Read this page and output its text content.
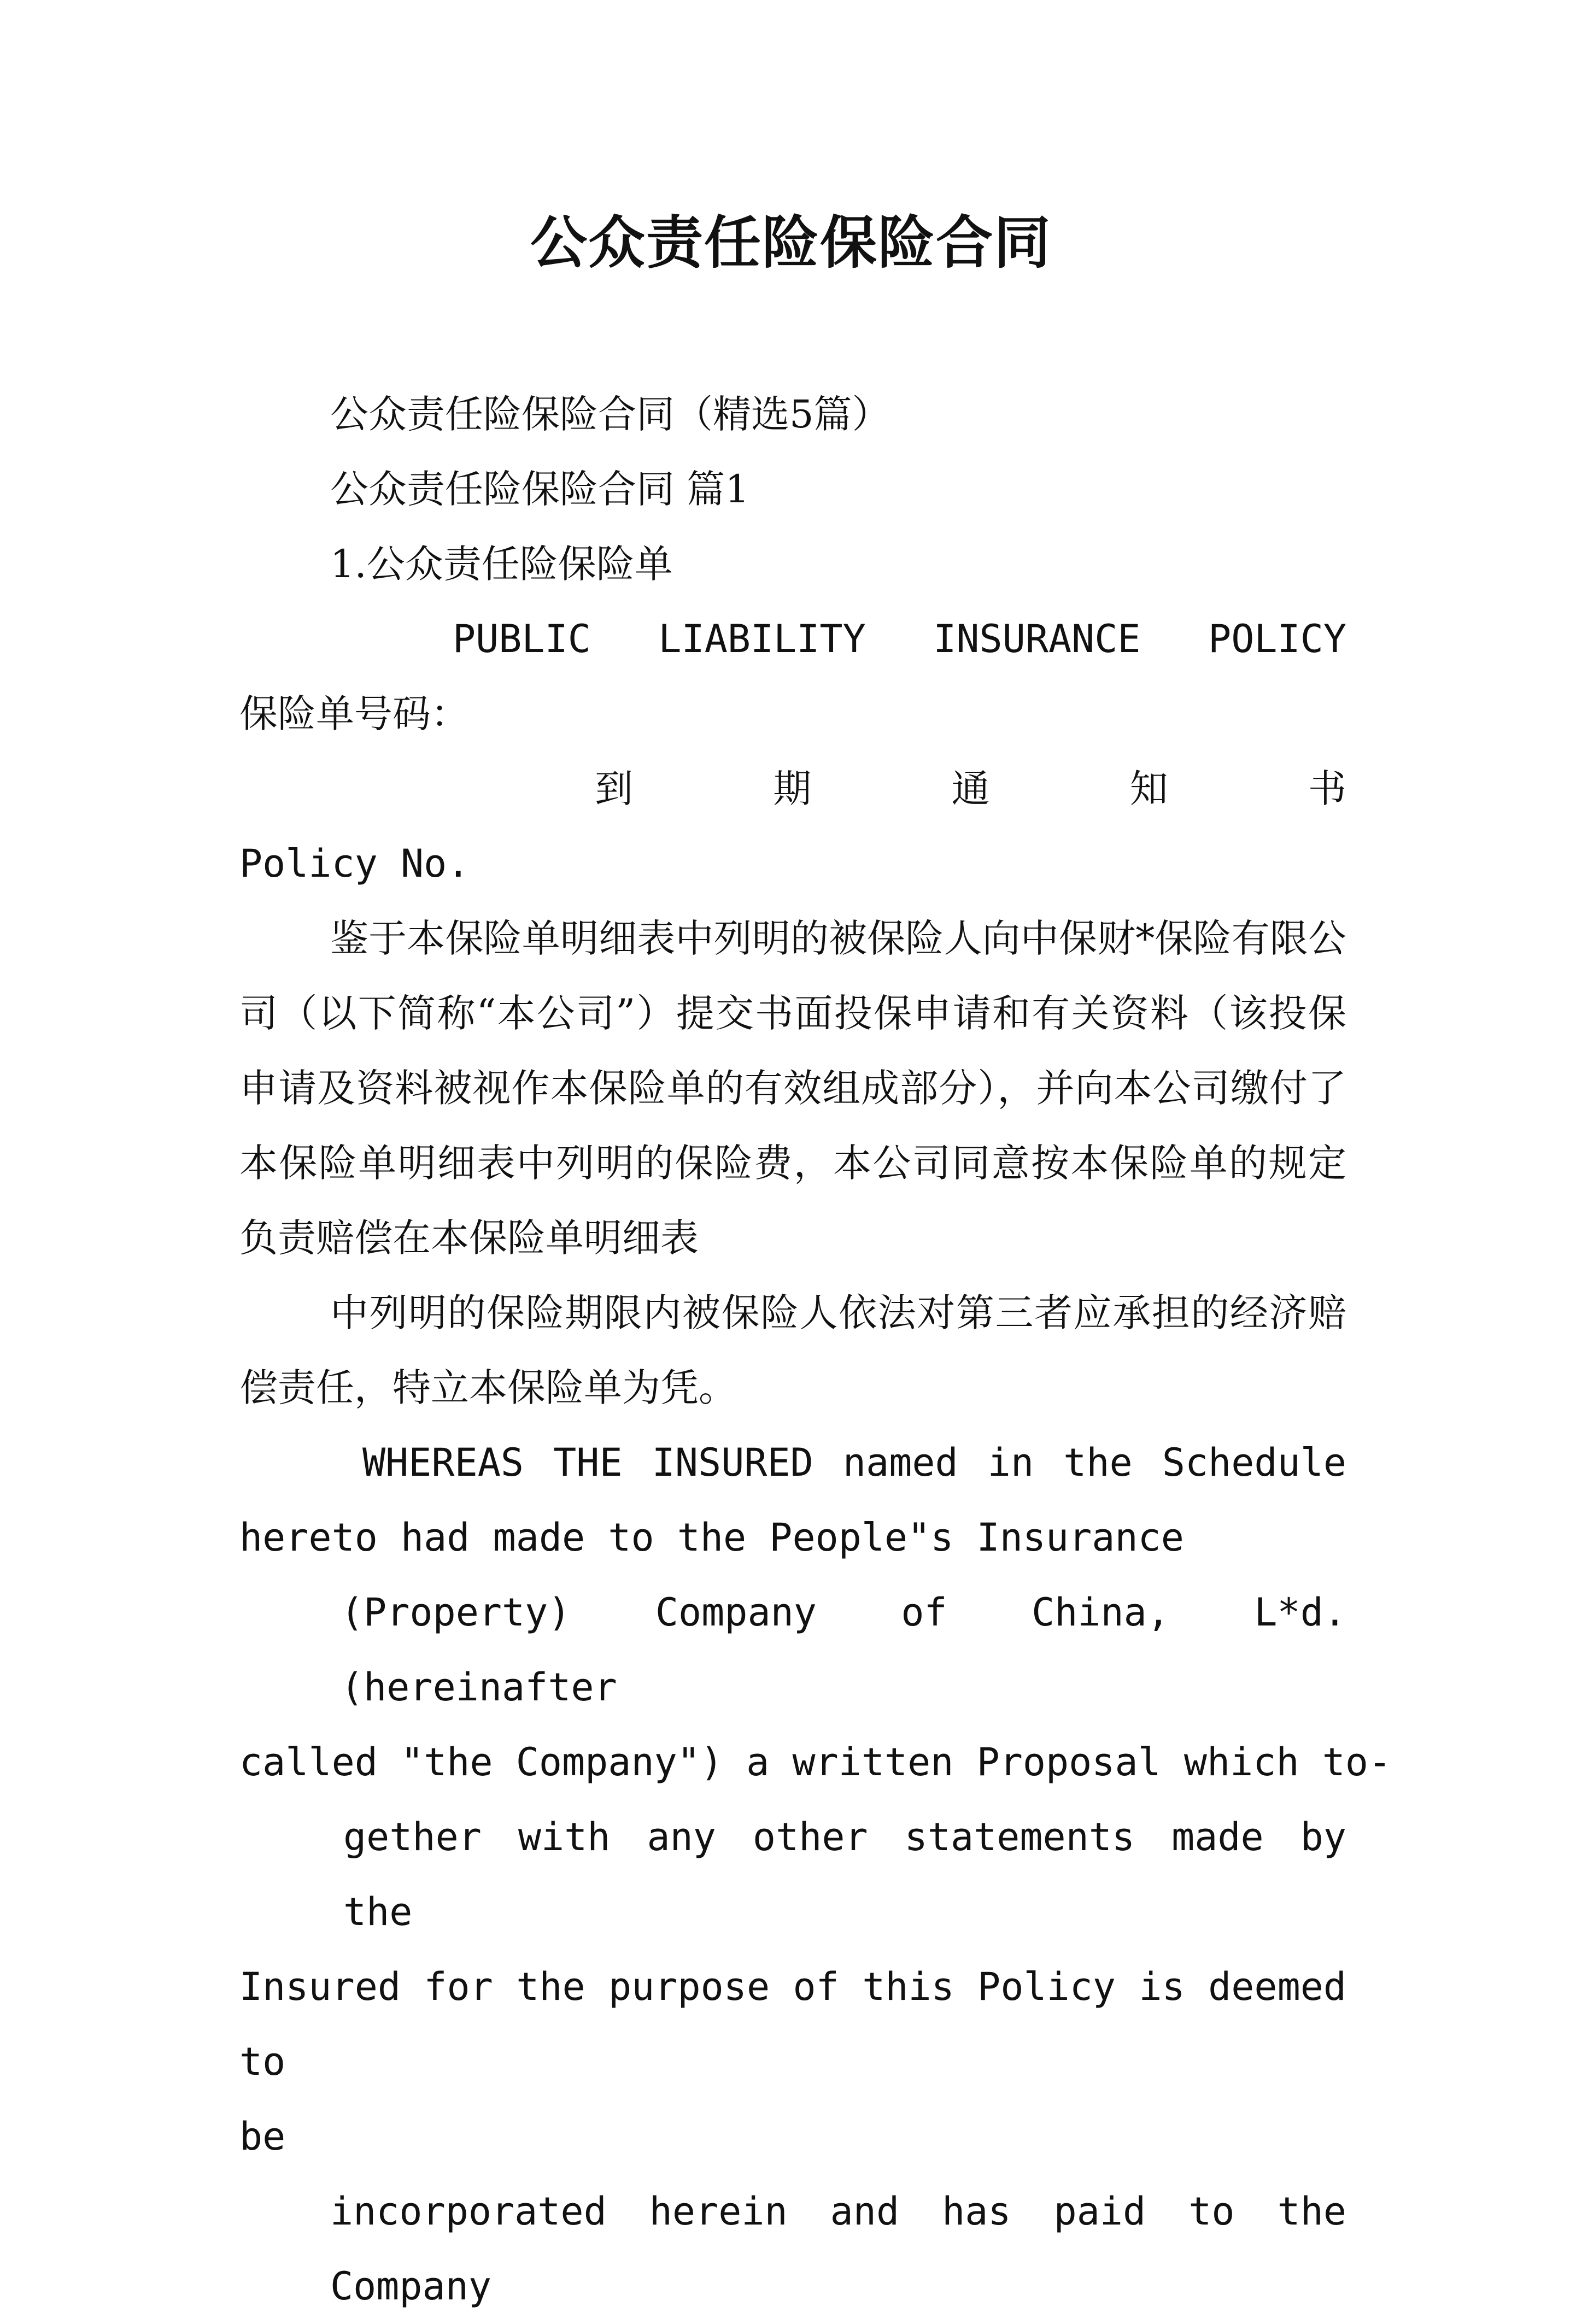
公众责任险保险合同

公众责任险保险合同（精选5篇）

公众责任险保险合同 篇1

1.公众责任险保险单

PUBLIC LIABILITY INSURANCE POLICY

保险单号码：

到 期 通 知 书

Policy No.

鉴于本保险单明细表中列明的被保险人向中保财*保险有限公司（以下简称“本公司”）提交书面投保申请和有关资料（该投保申请及资料被视作本保险单的有效组成部分），并向本公司缴付了本保险单明细表中列明的保险费，本公司同意按本保险单的规定负责赔偿在本保险单明细表

中列明的保险期限内被保险人依法对第三者应承担的经济赔偿责任，特立本保险单为凭。

WHEREAS THE INSURED named in the Schedule
hereto had made to the People"s Insurance

(Property) Company of China, L*d. (hereinafter
called "the Company") a written Proposal which to-

gether with any other statements made by the
Insured for the purpose of this Policy is deemed to
be

incorporated herein and has paid to the Company
